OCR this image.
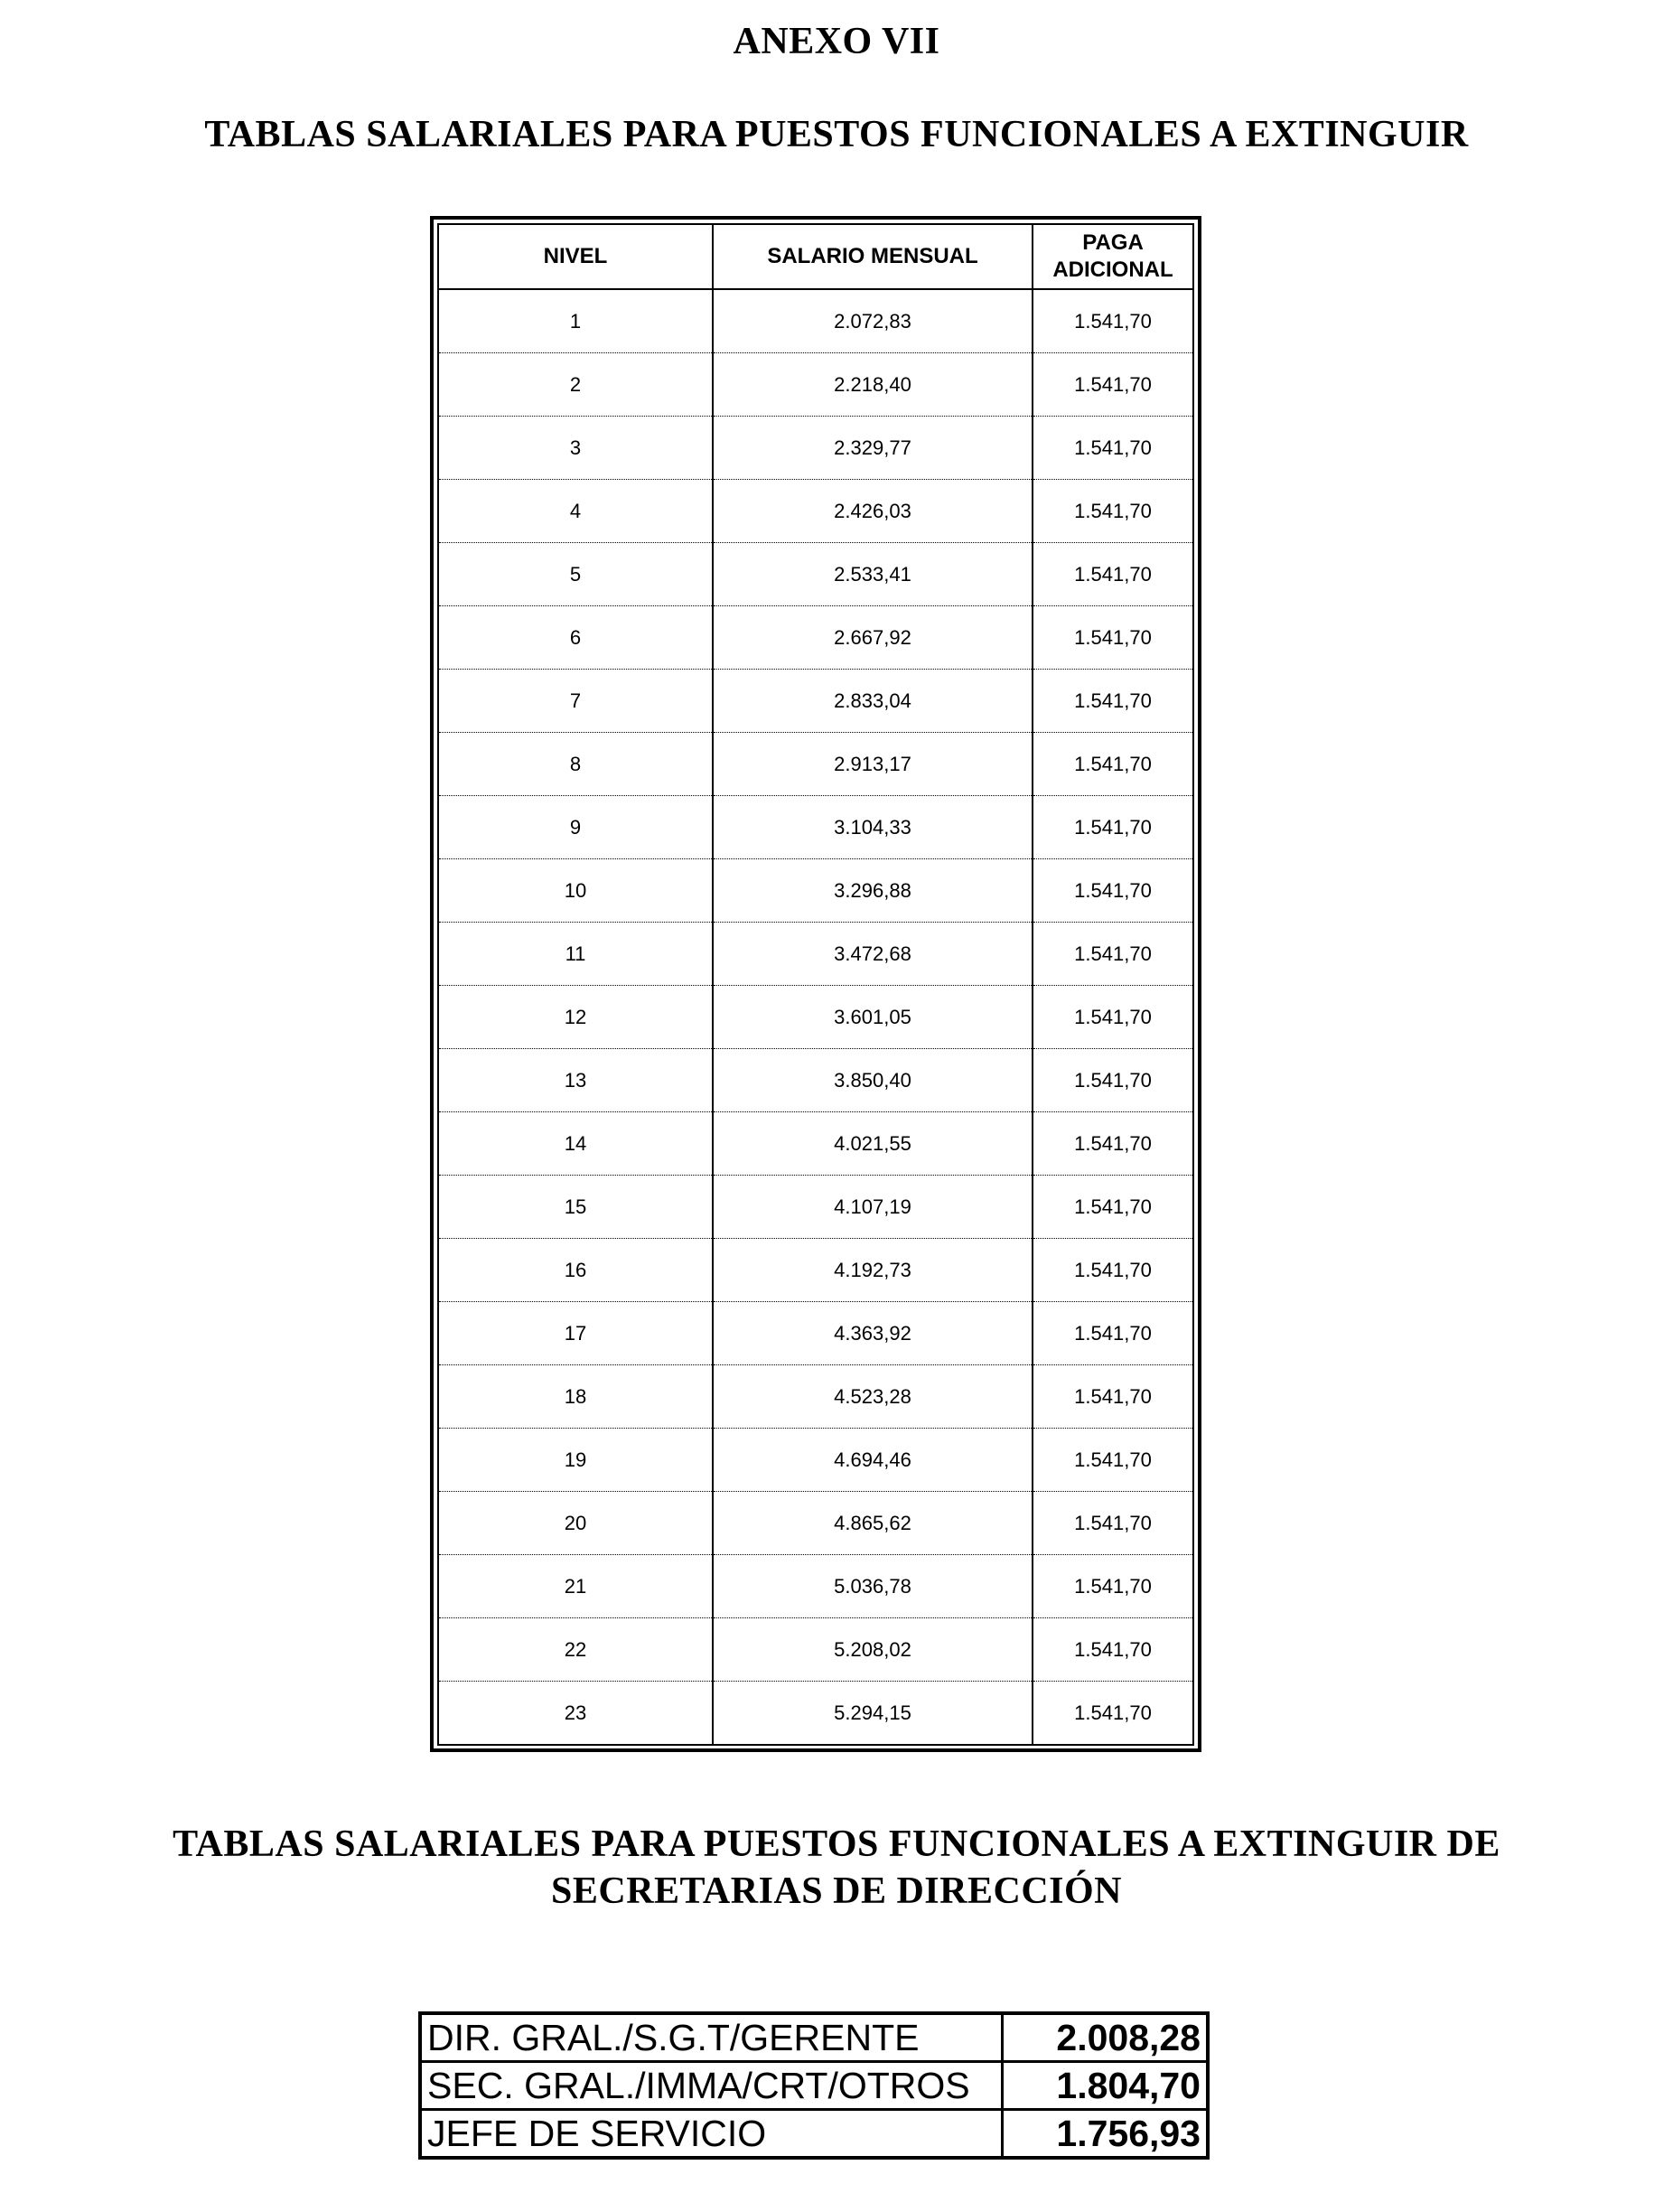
ANEXO VII
TABLAS SALARIALES PARA PUESTOS FUNCIONALES A EXTINGUIR
NIVEL	SALARIO MENSUAL	PAGA
ADICIONAL
1	2.072,83	1.541,70
2	2.218,40	1.541,70
3	2.329,77	1.541,70
4	2.426,03	1.541,70
5	2.533,41	1.541,70
6	2.667,92	1.541,70
7	2.833,04	1.541,70
8	2.913,17	1.541,70
9	3.104,33	1.541,70
10	3.296,88	1.541,70
11	3.472,68	1.541,70
12	3.601,05	1.541,70
13	3.850,40	1.541,70
14	4.021,55	1.541,70
15	4.107,19	1.541,70
16	4.192,73	1.541,70
17	4.363,92	1.541,70
18	4.523,28	1.541,70
19	4.694,46	1.541,70
20	4.865,62	1.541,70
21	5.036,78	1.541,70
22	5.208,02	1.541,70
23	5.294,15	1.541,70
TABLAS SALARIALES PARA PUESTOS FUNCIONALES A EXTINGUIR DE
SECRETARIAS DE DIRECCIÓN
DIR. GRAL./S.G.T/GERENTE	2.008,28
SEC. GRAL./IMMA/CRT/OTROS	1.804,70
JEFE DE SERVICIO	1.756,93
